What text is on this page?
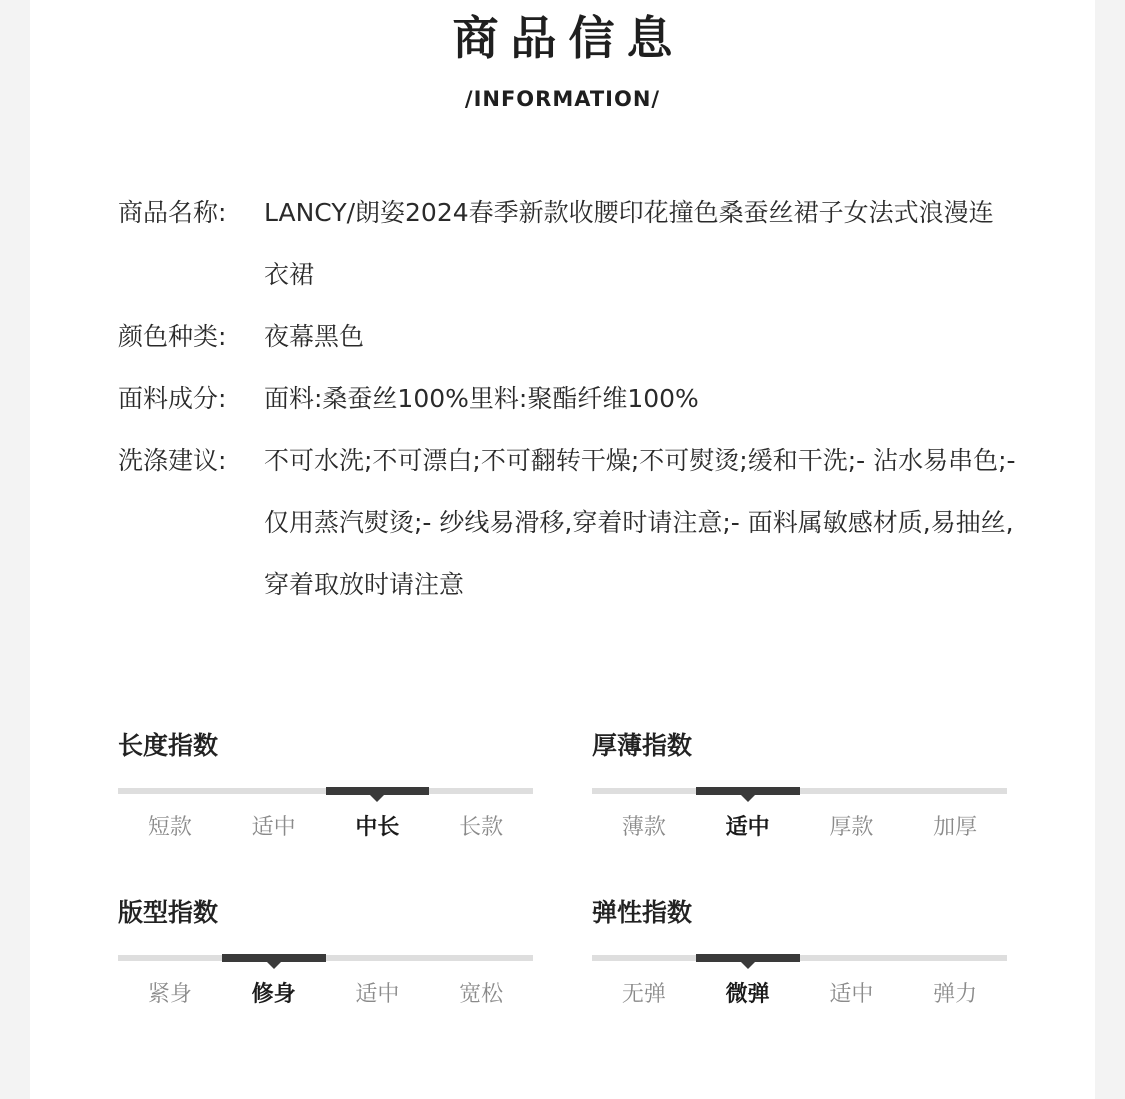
商品信息
/INFORMATION/
商品名称:	LANCY/朗姿2024春季新款收腰印花撞色桑蚕丝裙子女法式浪漫连衣裙
颜色种类:	夜幕黑色
面料成分:	面料:桑蚕丝100%里料:聚酯纤维100%
洗涤建议:	不可水洗;不可漂白;不可翻转干燥;不可熨烫;缓和干洗;- 沾水易串色;- 仅用蒸汽熨烫;- 纱线易滑移,穿着时请注意;- 面料属敏感材质,易抽丝,穿着取放时请注意
长度指数
短款	适中	中长	长款
厚薄指数
薄款	适中	厚款	加厚
版型指数
紧身	修身	适中	宽松
弹性指数
无弹	微弹	适中	弹力
